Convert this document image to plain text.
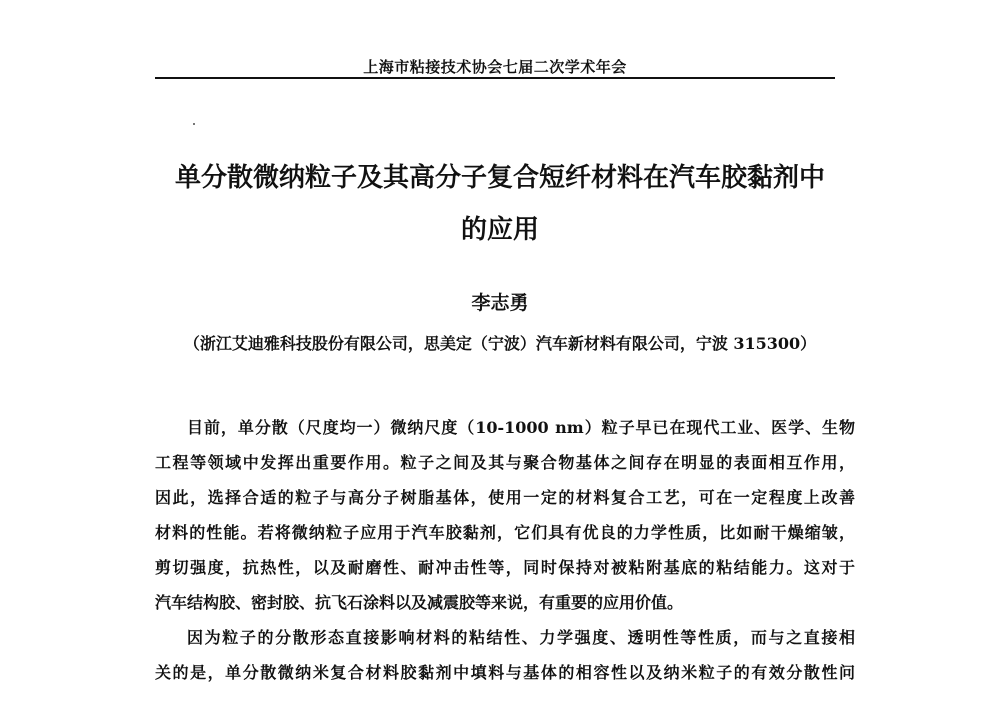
上海市粘接技术协会七届二次学术年会
单分散微纳粒子及其高分子复合短纤材料在汽车胶黏剂中
的应用
李志勇
（浙江艾迪雅科技股份有限公司，思美定（宁波）汽车新材料有限公司，宁波 315300）
目前，单分散（尺度均一）微纳尺度（10-1000 nm）粒子早已在现代工业、医学、生物
工程等领域中发挥出重要作用。粒子之间及其与聚合物基体之间存在明显的表面相互作用，
因此，选择合适的粒子与高分子树脂基体，使用一定的材料复合工艺，可在一定程度上改善
材料的性能。若将微纳粒子应用于汽车胶黏剂，它们具有优良的力学性质，比如耐干燥缩皱，
剪切强度，抗热性，以及耐磨性、耐冲击性等，同时保持对被粘附基底的粘结能力。这对于
汽车结构胶、密封胶、抗飞石涂料以及减震胶等来说，有重要的应用价值。
因为粒子的分散形态直接影响材料的粘结性、力学强度、透明性等性质，而与之直接相
关的是，单分散微纳米复合材料胶黏剂中填料与基体的相容性以及纳米粒子的有效分散性问
